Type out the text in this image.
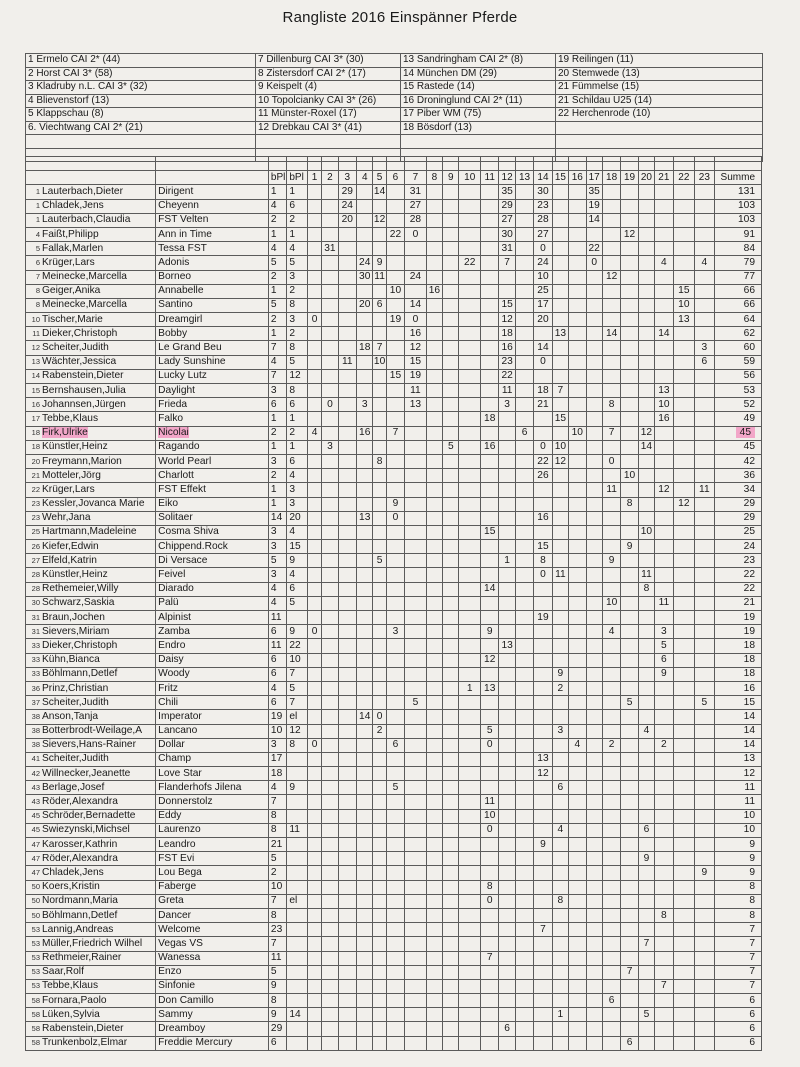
Rangliste 2016 Einspänner Pferde
1 Ermelo CAI 2* (44)	7 Dillenburg CAI 3* (30)	13 Sandringham CAI 2* (8)	19 Reilingen (11)
2 Horst CAI 3* (58)	8 Zistersdorf CAI 2* (17)	14 München DM (29)	20 Stemwede (13)
3 Kladruby n.L. CAI 3* (32)	9 Keispelt (4)	15 Rastede (14)	21 Fümmelse (15)
4 Blievenstorf (13)	10 Topolcianky CAI 3* (26)	16 Droninglund CAI 2* (11)	21 Schildau U25 (14)
5 Klappschau (8)	11 Münster-Roxel (17)	17 Piber WM (75)	22 Herchenrode (10)
6. Viechtwang CAI 2* (21)	12 Drebkau CAI 3* (41)	18 Bösdorf (13)	

		bPl	bPl	1	2	3	4	5	6	7	8	9	10	11	12	13	14	15	16	17	18	19	20	21	22	23	Summe
1 Lauterbach,Dieter	Dirigent	1	1			29		14		31					35		30			35							131
1 Chladek,Jens	Cheyenn	4	6			24				27					29		23			19							103
1 Lauterbach,Claudia	FST Velten	2	2			20		12		28					27		28			14							103
4 Faißt,Philipp	Ann in Time	1	1						22	0					30		27					12					91
5 Fallak,Marlen	Tessa FST	4	4		31										31		0			22							84
6 Krüger,Lars	Adonis	5	5				24	9					22		7		24			0				4		4	79
7 Meinecke,Marcella	Borneo	2	3				30	11		24							10				12						77
8 Geiger,Anika	Annabelle	1	2						10		16						25								15		66
8 Meinecke,Marcella	Santino	5	8				20	6		14					15		17								10		66
10 Tischer,Marie	Dreamgirl	2	3	0					19	0					12		20								13		64
11 Dieker,Christoph	Bobby	1	2							16					18			13			14			14			62
12 Scheiter,Judith	Le Grand Beu	7	8				18	7		12					16		14									3	60
13 Wächter,Jessica	Lady Sunshine	4	5			11		10		15					23		0									6	59
14 Rabenstein,Dieter	Lucky Lutz	7	12						15	19					22												56
15 Bernshausen,Julia	Daylight	3	8							11					11		18	7						13			53
16 Johannsen,Jürgen	Frieda	6	6		0		3			13					3		21				8			10			52
17 Tebbe,Klaus	Falko	1	1											18				15						16			49
18 Firk,Ulrike	Nicolai	2	2	4			16		7							6			10		7		12				45
18 Künstler,Heinz	Ragando	1	1		3							5		16			0	10					14				45
20 Freymann,Marion	World Pearl	3	6					8									22	12			0						42
21 Motteler,Jörg	Charlott	2	4														26					10					36
22 Krüger,Lars	FST Effekt	1	3																		11			12		11	34
23 Kessler,Jovanca Marie	Eiko	1	3						9													8			12		29
23 Wehr,Jana	Solitaer	14	20				13		0								16										29
25 Hartmann,Madeleine	Cosma Shiva	3	4											15									10				25
26 Kiefer,Edwin	Chippend.Rock	3	15														15					9					24
27 Elfeld,Katrin	Di Versace	5	9					5							1		8				9						23
28 Künstler,Heinz	Feivel	3	4														0	11					11				22
28 Rethemeier,Willy	Diarado	4	6											14									8				22
30 Schwarz,Saskia	Palü	4	5																		10			11			21
31 Braun,Jochen	Alpinist	11															19										19
31 Sievers,Miriam	Zamba	6	9	0					3					9							4			3			19
33 Dieker,Christoph	Endro	11	22												13									5			18
33 Kühn,Bianca	Daisy	6	10											12										6			18
33 Böhlmann,Detlef	Woody	6	7															9						9			18
36 Prinz,Christian	Fritz	4	5										1	13				2									16
37 Scheiter,Judith	Chili	6	7							5												5				5	15
38 Anson,Tanja	Imperator	19	el				14	0																			14
38 Botterbrodt-Weilage,A	Lancano	10	12					2						5				3					4				14
38 Sievers,Hans-Rainer	Dollar	3	8	0					6					0					4		2			2			14
41 Scheiter,Judith	Champ	17															13										13
42 Willnecker,Jeanette	Love Star	18															12										12
43 Berlage,Josef	Flanderhofs Jilena	4	9						5									6									11
43 Röder,Alexandra	Donnerstolz	7												11													11
45 Schröder,Bernadette	Eddy	8												10													10
45 Swiezynski,Michsel	Laurenzo	8	11											0				4					6				10
47 Karosser,Kathrin	Leandro	21															9										9
47 Röder,Alexandra	FST Evi	5																					9				9
47 Chladek,Jens	Lou Bega	2																								9	9
50 Koers,Kristin	Faberge	10												8													8
50 Nordmann,Maria	Greta	7	el											0				8									8
50 Böhlmann,Detlef	Dancer	8																						8			8
53 Lannig,Andreas	Welcome	23															7										7
53 Müller,Friedrich Wilhel	Vegas VS	7																					7				7
53 Rethmeier,Rainer	Wanessa	11												7													7
53 Saar,Rolf	Enzo	5																				7					7
53 Tebbe,Klaus	Sinfonie	9																						7			7
58 Fornara,Paolo	Don Camillo	8																			6						6
58 Lüken,Sylvia	Sammy	9	14															1					5				6
58 Rabenstein,Dieter	Dreamboy	29													6												6
58 Trunkenbolz,Elmar	Freddie Mercury	6																				6					6
